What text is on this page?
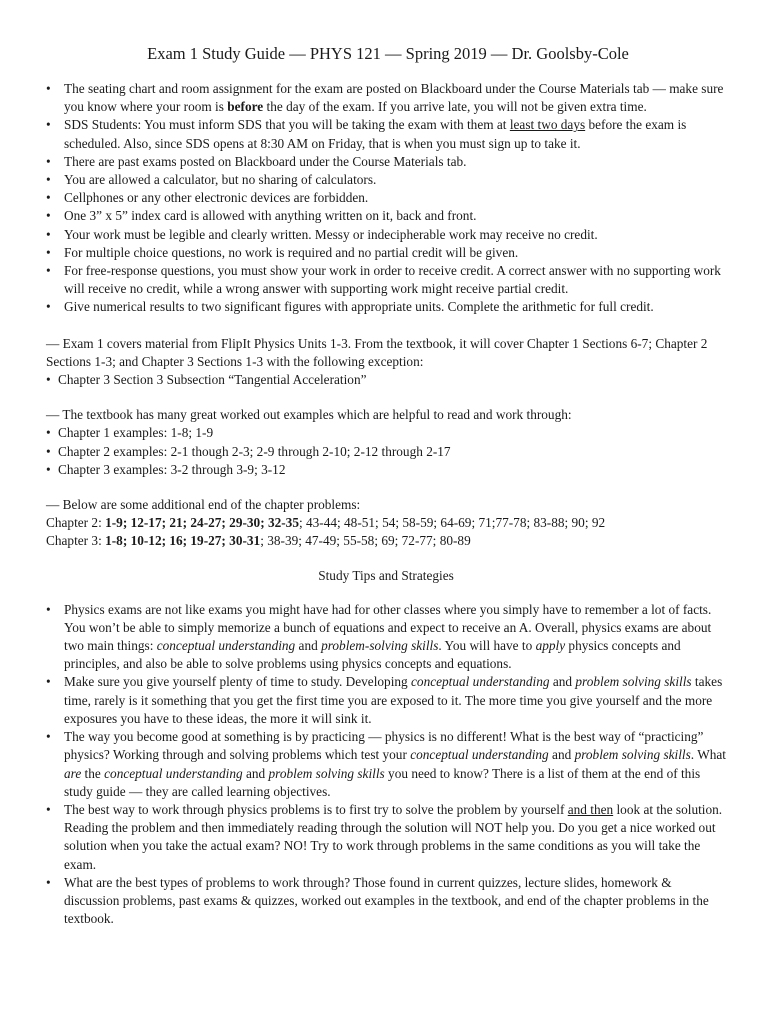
Exam 1 Study Guide — PHYS 121 — Spring 2019 — Dr. Goolsby-Cole
• The seating chart and room assignment for the exam are posted on Blackboard under the Course Materials tab — make sure you know where your room is before the day of the exam. If you arrive late, you will not be given extra time.
• SDS Students: You must inform SDS that you will be taking the exam with them at least two days before the exam is scheduled. Also, since SDS opens at 8:30 AM on Friday, that is when you must sign up to take it.
• There are past exams posted on Blackboard under the Course Materials tab.
• You are allowed a calculator, but no sharing of calculators.
• Cellphones or any other electronic devices are forbidden.
• One 3” x 5” index card is allowed with anything written on it, back and front.
• Your work must be legible and clearly written. Messy or indecipherable work may receive no credit.
• For multiple choice questions, no work is required and no partial credit will be given.
• For free-response questions, you must show your work in order to receive credit. A correct answer with no supporting work will receive no credit, while a wrong answer with supporting work might receive partial credit.
• Give numerical results to two significant figures with appropriate units. Complete the arithmetic for full credit.

— Exam 1 covers material from FlipIt Physics Units 1-3. From the textbook, it will cover Chapter 1 Sections 6-7; Chapter 2 Sections 1-3; and Chapter 3 Sections 1-3 with the following exception:

• Chapter 3 Section 3 Subsection “Tangential Acceleration”

— The textbook has many great worked out examples which are helpful to read and work through:

• Chapter 1 examples: 1-8; 1-9
• Chapter 2 examples: 2-1 though 2-3; 2-9 through 2-10; 2-12 through 2-17
• Chapter 3 examples: 3-2 through 3-9; 3-12

— Below are some additional end of the chapter problems:

Chapter 2: 1-9; 12-17; 21; 24-27; 29-30; 32-35; 43-44; 48-51; 54; 58-59; 64-69; 71;77-78; 83-88; 90; 92

Chapter 3: 1-8; 10-12; 16; 19-27; 30-31; 38-39; 47-49; 55-58; 69; 72-77; 80-89

Study Tips and Strategies

• Physics exams are not like exams you might have had for other classes where you simply have to remember a lot of facts. You won’t be able to simply memorize a bunch of equations and expect to receive an A. Overall, physics exams are about two main things: conceptual understanding and problem-solving skills. You will have to apply physics concepts and principles, and also be able to solve problems using physics concepts and equations.
• Make sure you give yourself plenty of time to study. Developing conceptual understanding and problem solving skills takes time, rarely is it something that you get the first time you are exposed to it. The more time you give yourself and the more exposures you have to these ideas, the more it will sink it.
• The way you become good at something is by practicing — physics is no different! What is the best way of “practicing” physics? Working through and solving problems which test your conceptual understanding and problem solving skills. What are the conceptual understanding and problem solving skills you need to know? There is a list of them at the end of this study guide — they are called learning objectives.
• The best way to work through physics problems is to first try to solve the problem by yourself and then look at the solution. Reading the problem and then immediately reading through the solution will NOT help you. Do you get a nice worked out solution when you take the actual exam? NO! Try to work through problems in the same conditions as you will take the exam.
• What are the best types of problems to work through? Those found in current quizzes, lecture slides, homework & discussion problems, past exams & quizzes, worked out examples in the textbook, and end of the chapter problems in the textbook.
